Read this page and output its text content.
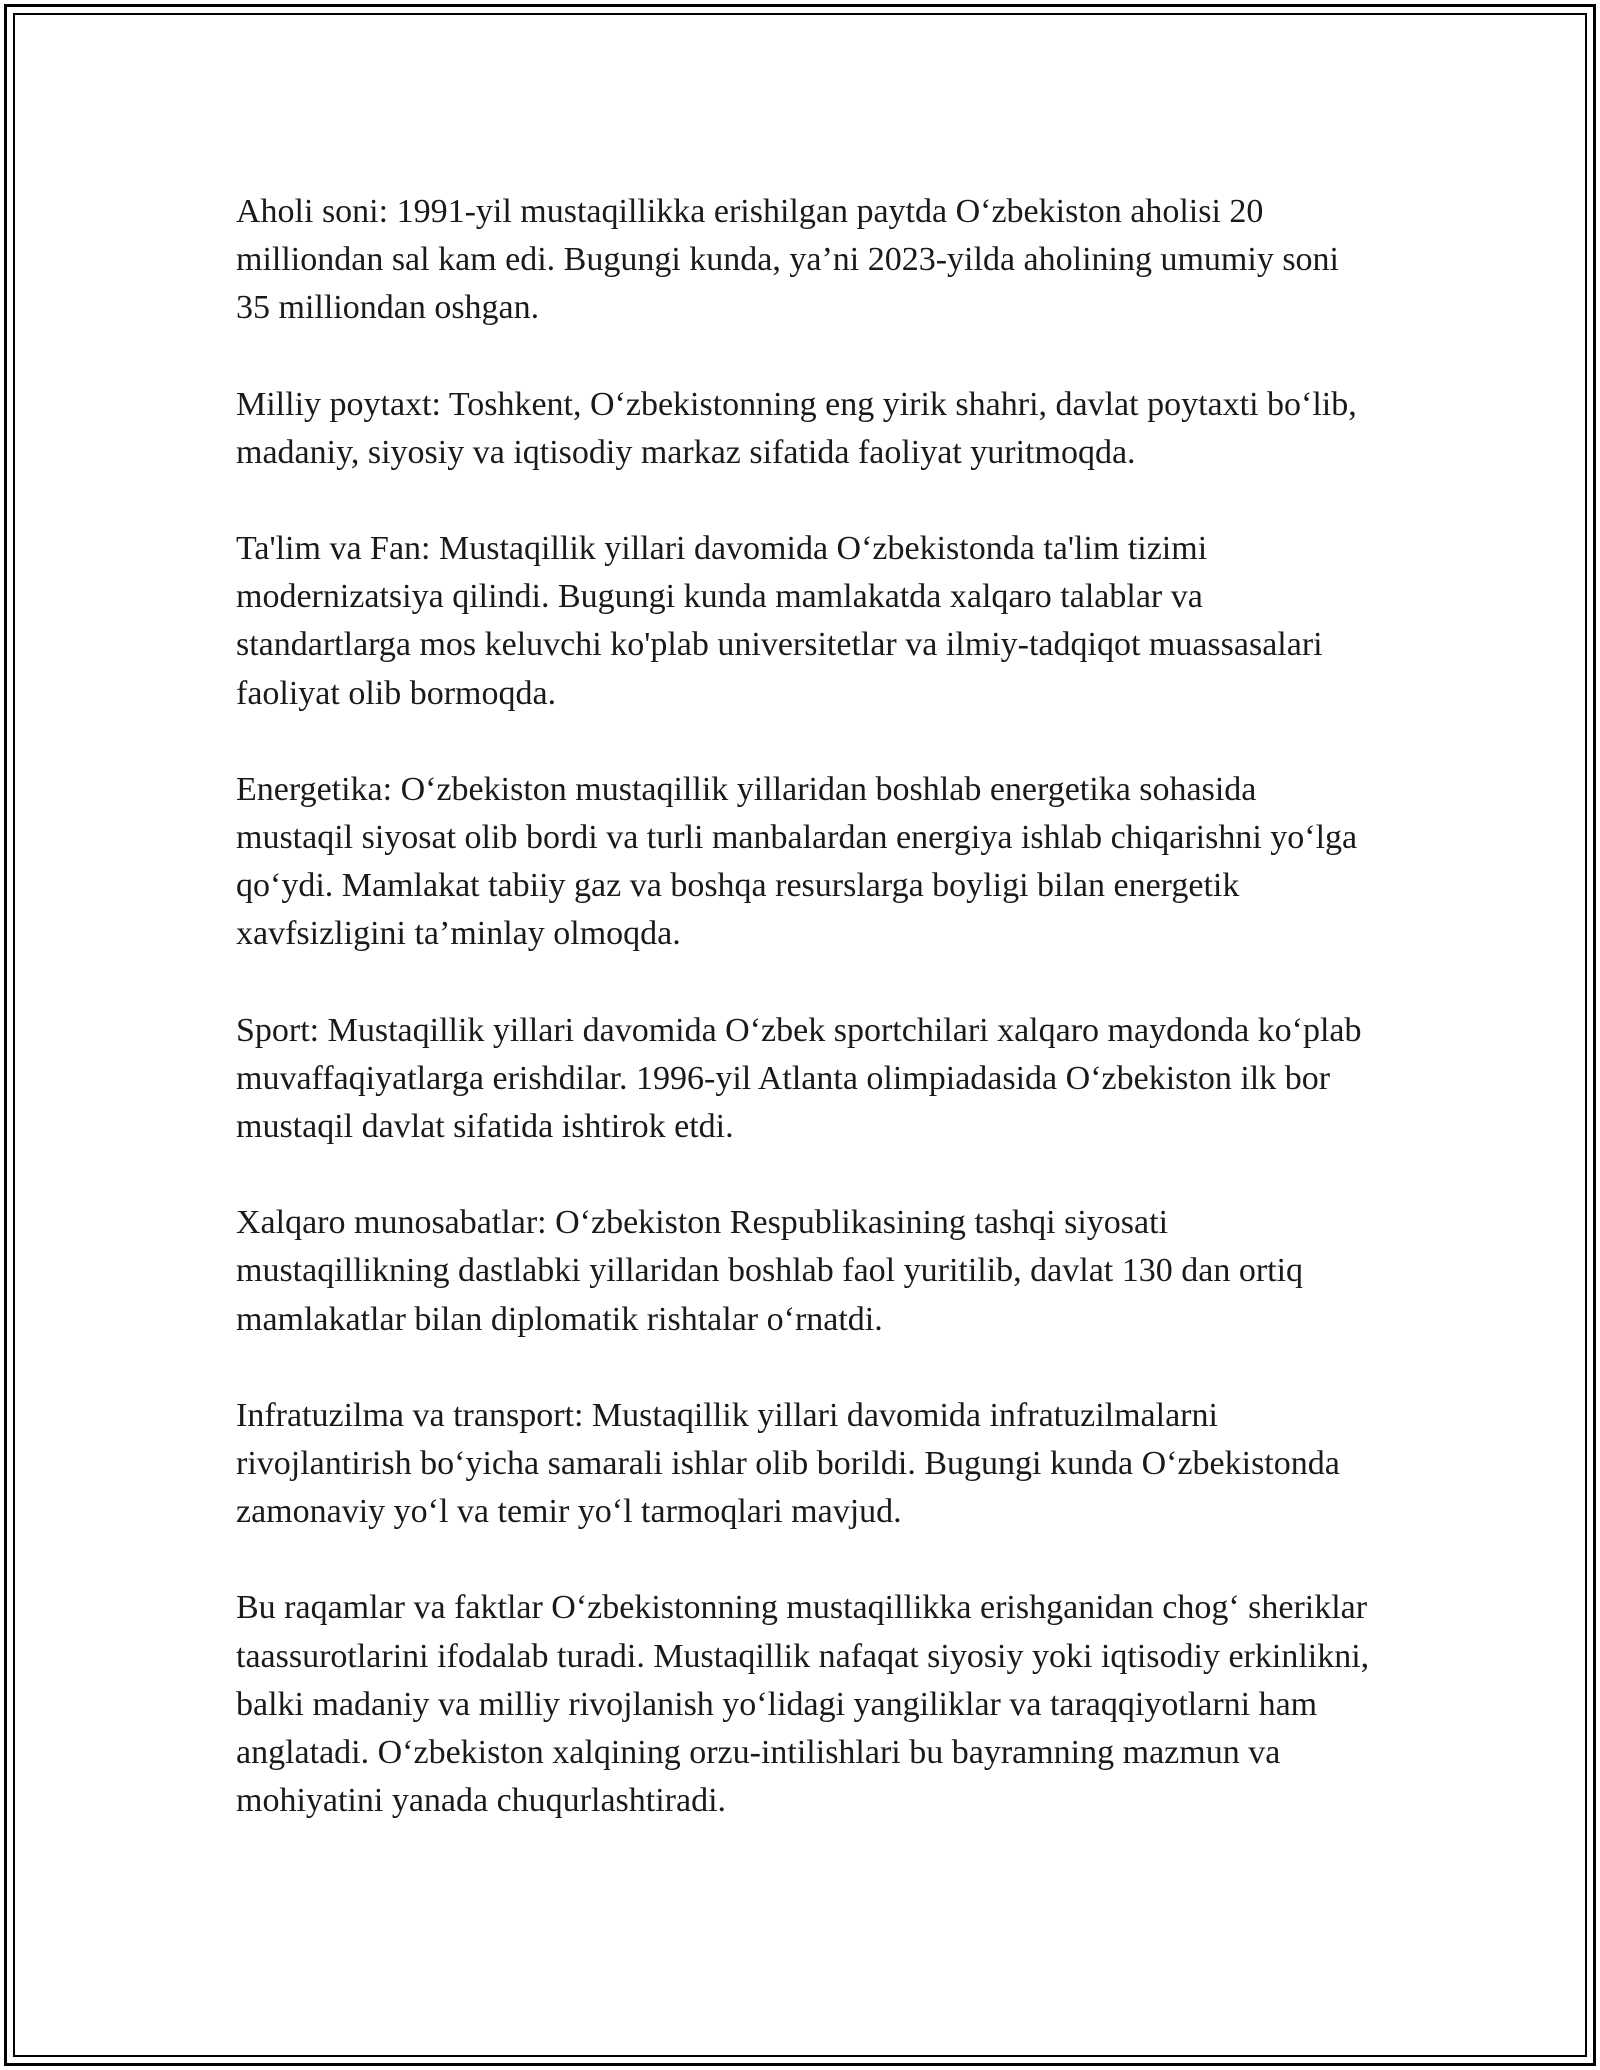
Aholi soni: 1991-yil mustaqillikka erishilgan paytda O‘zbekiston aholisi 20 milliondan sal kam edi. Bugungi kunda, ya’ni 2023-yilda aholining umumiy soni 35 milliondan oshgan.

Milliy poytaxt: Toshkent, O‘zbekistonning eng yirik shahri, davlat poytaxti bo‘lib, madaniy, siyosiy va iqtisodiy markaz sifatida faoliyat yuritmoqda.

Ta'lim va Fan: Mustaqillik yillari davomida O‘zbekistonda ta'lim tizimi modernizatsiya qilindi. Bugungi kunda mamlakatda xalqaro talablar va standartlarga mos keluvchi ko'plab universitetlar va ilmiy-tadqiqot muassasalari faoliyat olib bormoqda.

Energetika: O‘zbekiston mustaqillik yillaridan boshlab energetika sohasida mustaqil siyosat olib bordi va turli manbalardan energiya ishlab chiqarishni yo‘lga qo‘ydi. Mamlakat tabiiy gaz va boshqa resurslarga boyligi bilan energetik xavfsizligini ta’minlay olmoqda.

Sport: Mustaqillik yillari davomida O‘zbek sportchilari xalqaro maydonda ko‘plab muvaffaqiyatlarga erishdilar. 1996-yil Atlanta olimpiadasida O‘zbekiston ilk bor mustaqil davlat sifatida ishtirok etdi.

Xalqaro munosabatlar: O‘zbekiston Respublikasining tashqi siyosati mustaqillikning dastlabki yillaridan boshlab faol yuritilib, davlat 130 dan ortiq mamlakatlar bilan diplomatik rishtalar o‘rnatdi.

Infratuzilma va transport: Mustaqillik yillari davomida infratuzilmalarni rivojlantirish bo‘yicha samarali ishlar olib borildi. Bugungi kunda O‘zbekistonda zamonaviy yo‘l va temir yo‘l tarmoqlari mavjud.

Bu raqamlar va faktlar O‘zbekistonning mustaqillikka erishganidan chog‘ sheriklar taassurotlarini ifodalab turadi. Mustaqillik nafaqat siyosiy yoki iqtisodiy erkinlikni, balki madaniy va milliy rivojlanish yo‘lidagi yangiliklar va taraqqiyotlarni ham anglatadi. O‘zbekiston xalqining orzu-intilishlari bu bayramning mazmun va mohiyatini yanada chuqurlashtiradi.
